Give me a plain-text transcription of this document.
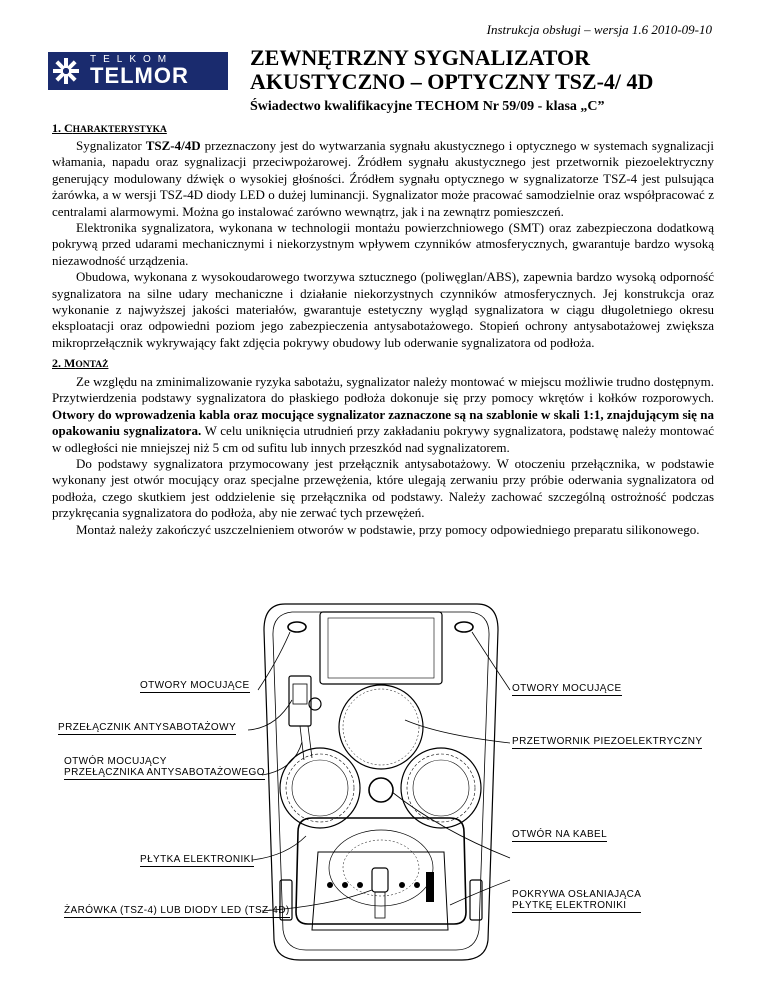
Instrukcja obsługi – wersja 1.6 2010-09-10
TELKOM
TELMOR
ZEWNĘTRZNY SYGNALIZATOR
AKUSTYCZNO – OPTYCZNY TSZ-4/ 4D
Świadectwo kwalifikacyjne TECHOM Nr 59/09 - klasa „C”
1. CHARAKTERYSTYKA

Sygnalizator TSZ-4/4D przeznaczony jest do wytwarzania sygnału akustycznego i optycznego w systemach sygnalizacji włamania, napadu oraz sygnalizacji przeciwpożarowej. Źródłem sygnału akustycznego jest przetwornik piezoelektryczny generujący modulowany dźwięk o wysokiej głośności. Źródłem sygnału optycznego w sygnalizatorze TSZ-4 jest pulsująca żarówka, a w wersji TSZ-4D diody LED o dużej luminancji. Sygnalizator może pracować samodzielnie oraz współpracować z centralami alarmowymi. Można go instalować zarówno wewnątrz, jak i na zewnątrz pomieszczeń.

Elektronika sygnalizatora, wykonana w technologii montażu powierzchniowego (SMT) oraz zabezpieczona dodatkową pokrywą przed udarami mechanicznymi i niekorzystnym wpływem czynników atmosferycznych, gwarantuje bardzo wysoką niezawodność urządzenia.

Obudowa, wykonana z wysokoudarowego tworzywa sztucznego (poliwęglan/ABS), zapewnia bardzo wysoką odporność sygnalizatora na silne udary mechaniczne i działanie niekorzystnych czynników atmosferycznych. Jej konstrukcja oraz wykonanie z najwyższej jakości materiałów, gwarantuje estetyczny wygląd sygnalizatora w ciągu długoletniego okresu eksploatacji oraz odpowiedni poziom jego zabezpieczenia antysabotażowego. Stopień ochrony antysabotażowej zwiększa mikroprzełącznik wykrywający fakt zdjęcia pokrywy obudowy lub oderwanie sygnalizatora od podłoża.

2. MONTAŻ

Ze względu na zminimalizowanie ryzyka sabotażu, sygnalizator należy montować w miejscu możliwie trudno dostępnym. Przytwierdzenia podstawy sygnalizatora do płaskiego podłoża dokonuje się przy pomocy wkrętów i kołków rozporowych. Otwory do wprowadzenia kabla oraz mocujące sygnalizator zaznaczone są na szablonie w skali 1:1, znajdującym się na opakowaniu sygnalizatora. W celu uniknięcia utrudnień przy zakładaniu pokrywy sygnalizatora, podstawę należy montować w odległości nie mniejszej niż 5 cm od sufitu lub innych przeszkód nad sygnalizatorem.

Do podstawy sygnalizatora przymocowany jest przełącznik antysabotażowy. W otoczeniu przełącznika, w podstawie wykonany jest otwór mocujący oraz specjalne przewężenia, które ulegają zerwaniu przy próbie oderwania sygnalizatora od podłoża, czego skutkiem jest oddzielenie się przełącznika od podstawy. Należy zachować szczególną ostrożność podczas przykręcania sygnalizatora do podłoża, aby nie zerwać tych przewężeń.

Montaż należy zakończyć uszczelnieniem otworów w podstawie, przy pomocy odpowiedniego preparatu silikonowego.

OTWORY MOCUJĄCE	OTWORY MOCUJĄCE
PRZEŁĄCZNIK ANTYSABOTAŻOWY
PRZETWORNIK PIEZOELEKTRYCZNY
OTWÓR MOCUJĄCY
PRZEŁĄCZNIKA ANTYSABOTAŻOWEGO
OTWÓR NA KABEL
PŁYTKA ELEKTRONIKI
POKRYWA OSŁANIAJĄCA
PŁYTKĘ ELEKTRONIKI
ŻARÓWKA (TSZ-4) LUB DIODY LED (TSZ-4D)
